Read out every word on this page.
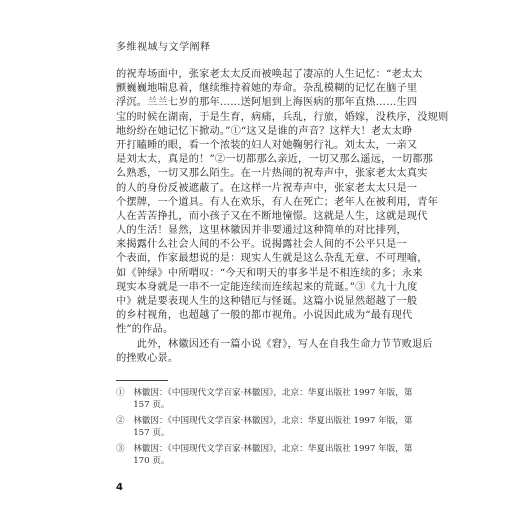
多维视域与文学阐释
的祝寿场面中，张家老太太反而被唤起了凄凉的人生记忆：“老太太
颤巍巍地喘息着，继续维持着她的寿命。杂乱模糊的记忆在脑子里
浮沉。兰兰七岁的那年……送阿旭到上海医病的那年直热……生四
宝的时候在湖南，于是生育，病痛，兵乱，行旅，婚嫁，没秩序，没规则
地纷纷在她记忆下掀动。”①“这又是谁的声音？这样大！老太太睁
开打瞌睡的眼，看一个浓装的妇人对她鞠躬行礼。刘太太，一亲又
是刘太太，真是的！”②一切都那么亲近，一切又那么遥远，一切都那
么熟悉，一切又那么陌生。在一片热闹的祝寿声中，张家老太太真实
的人的身份反被遮蔽了。在这样一片祝寿声中，张家老太太只是一
个摆牌，一个道具。有人在欢乐，有人在死亡；老年人在被利用，青年
人在苦苦挣扎，而小孩子又在不断地憧憬。这就是人生，这就是现代
人的生活！显然，这里林徽因并非要通过这种简单的对比排列，
来揭露什么社会人间的不公平。说揭露社会人间的不公平只是一
个表面，作家最想说的是：现实人生就是这么杂乱无章、不可理喻，
如《钟绿》中所喟叹：“今天和明天的事多半是不相连续的多；永来
现实本身就是一串不一定能连续而连续起来的荒诞。”③《九十九度
中》就是要表现人生的这种错厄与怪诞。这篇小说显然超越了一般
的乡村视角，也超越了一般的都市视角。小说因此成为“最有现代
性”的作品。
　　此外，林徽因还有一篇小说《窘》，写人在自我生命力节节败退后
的挫败心景。
①　林徽因：《中国现代文学百家·林徽因》，北京：华夏出版社 1997 年版，第
　　157 页。
②　林徽因：《中国现代文学百家·林徽因》，北京：华夏出版社 1997 年版，第
　　157 页。
③　林徽因：《中国现代文学百家·林徽因》，北京：华夏出版社 1997 年版，第
　　170 页。
4
